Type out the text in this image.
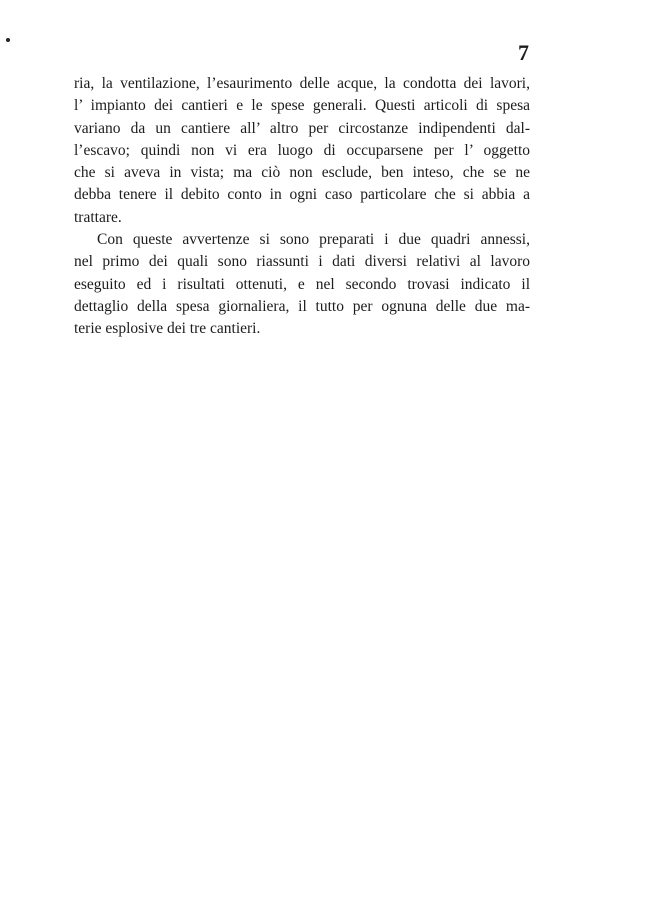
7

ria, la ventilazione, l’esaurimento delle acque, la condotta dei lavori,
l’ impianto dei cantieri e le spese generali. Questi articoli di spesa
variano da un cantiere all’ altro per circostanze indipendenti dal-
l’escavo; quindi non vi era luogo di occuparsene per l’ oggetto
che si aveva in vista; ma ciò non esclude, ben inteso, che se ne
debba tenere il debito conto in ogni caso particolare che si abbia a
trattare.

Con queste avvertenze si sono preparati i due quadri annessi,
nel primo dei quali sono riassunti i dati diversi relativi al lavoro
eseguito ed i risultati ottenuti, e nel secondo trovasi indicato il
dettaglio della spesa giornaliera, il tutto per ognuna delle due ma-
terie esplosive dei tre cantieri.
